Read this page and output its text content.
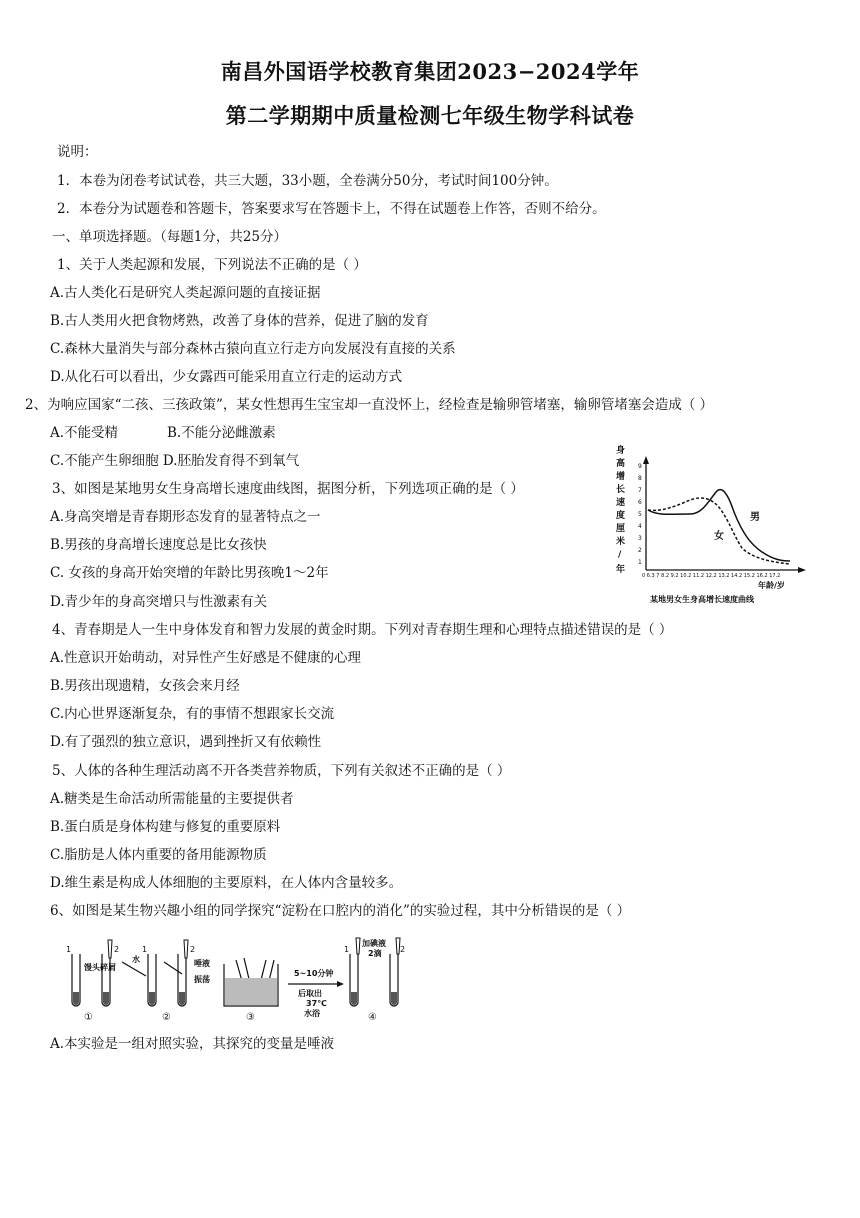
南昌外国语学校教育集团2023−2024学年
第二学期期中质量检测七年级生物学科试卷
说明：
1．本卷为闭卷考试试卷，共三大题，33小题，全卷满分50分，考试时间100分钟。
2．本卷分为试题卷和答题卡，答案要求写在答题卡上，不得在试题卷上作答，否则不给分。
一、单项选择题。（每题1分，共25分）
1、关于人类起源和发展，下列说法不正确的是（ ）
A.古人类化石是研究人类起源问题的直接证据
B.古人类用火把食物烤熟，改善了身体的营养，促进了脑的发育
C.森林大量消失与部分森林古猿向直立行走方向发展没有直接的关系
D.从化石可以看出，少女露西可能采用直立行走的运动方式
2、为响应国家“二孩、三孩政策”，某女性想再生宝宝却一直没怀上，经检查是输卵管堵塞，输卵管堵塞会造成（ ）
A.不能受精	B.不能分泌雌激素
C.不能产生卵细胞 D.胚胎发育得不到氧气
3、如图是某地男女生身高增长速度曲线图，据图分析，下列选项正确的是（ ）
A.身高突增是青春期形态发育的显著特点之一
B.男孩的身高增长速度总是比女孩快
C. 女孩的身高开始突增的年龄比男孩晚1～2年
D.青少年的身高突增只与性激素有关
4、青春期是人一生中身体发育和智力发展的黄金时期。下列对青春期生理和心理特点描述错误的是（ ）
A.性意识开始萌动，对异性产生好感是不健康的心理
B.男孩出现遗精，女孩会来月经
C.内心世界逐渐复杂，有的事情不想跟家长交流
D.有了强烈的独立意识，遇到挫折又有依赖性
5、人体的各种生理活动离不开各类营养物质，下列有关叙述不正确的是（ ）
A.糖类是生命活动所需能量的主要提供者
B.蛋白质是身体构建与修复的重要原料
C.脂肪是人体内重要的备用能源物质
D.维生素是构成人体细胞的主要原料，在人体内含量较多。
6、如图是某生物兴趣小组的同学探究“淀粉在口腔内的消化”的实验过程，其中分析错误的是（ ）
A.本实验是一组对照实验，其探究的变量是唾液
身
高
增
长
速
度
厘
米
/
年
9
8
7
6
5
4
3
2
1
0 6.3 7 8.2 9.2 10.2 11.2 12.2 13.2 14.2 15.2 16.2 17.2
年龄/岁
男
女
某地男女生身高增长速度曲线
1	2	1	2	1	2
馒头碎屑
水	唾液
振荡
5~10分钟
后取出
37℃
水浴
加碘液
2滴
①	②	③	④
